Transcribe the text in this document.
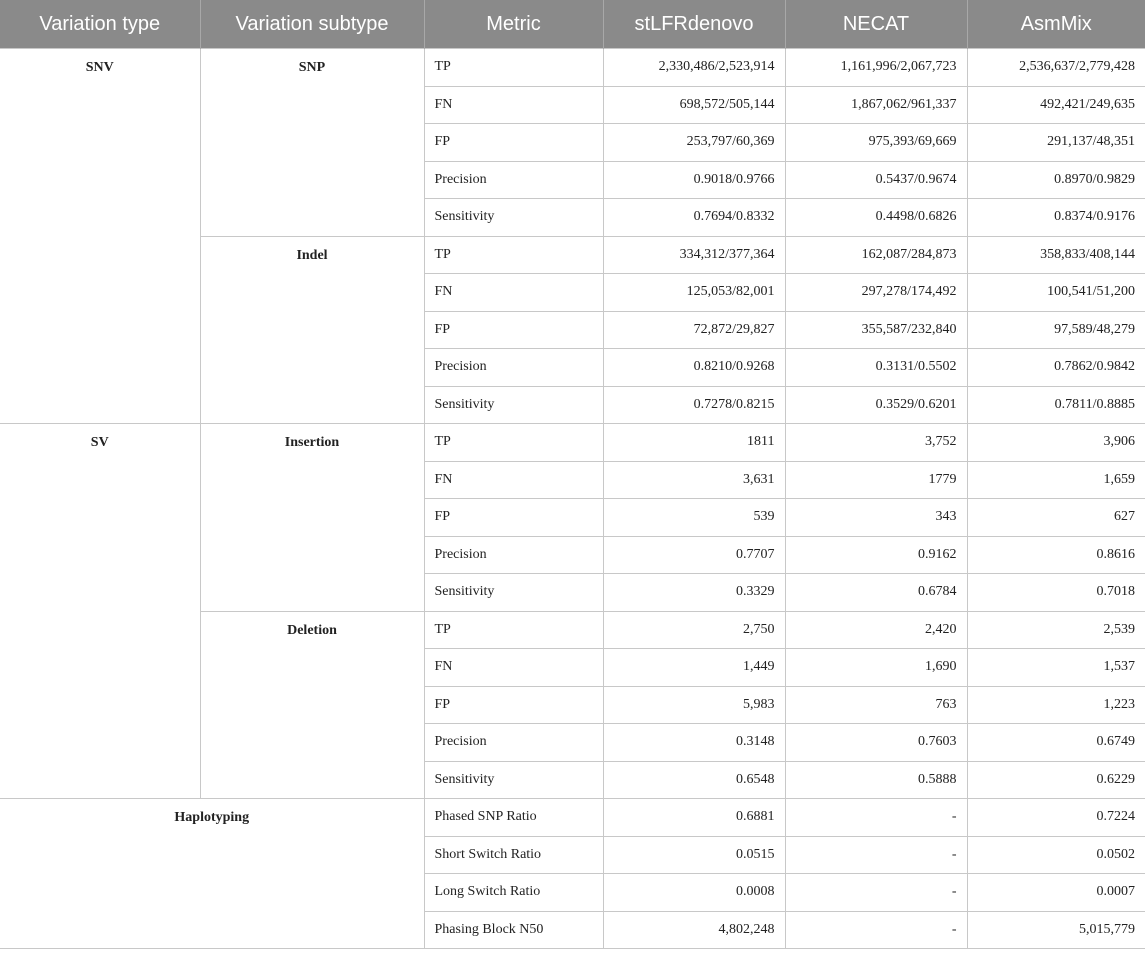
Variation type	Variation subtype	Metric	stLFRdenovo	NECAT	AsmMix
SNV	SNP	TP	2,330,486/2,523,914	1,161,996/2,067,723	2,536,637/2,779,428
		FN	698,572/505,144	1,867,062/961,337	492,421/249,635
		FP	253,797/60,369	975,393/69,669	291,137/48,351
		Precision	0.9018/0.9766	0.5437/0.9674	0.8970/0.9829
		Sensitivity	0.7694/0.8332	0.4498/0.6826	0.8374/0.9176
	Indel	TP	334,312/377,364	162,087/284,873	358,833/408,144
		FN	125,053/82,001	297,278/174,492	100,541/51,200
		FP	72,872/29,827	355,587/232,840	97,589/48,279
		Precision	0.8210/0.9268	0.3131/0.5502	0.7862/0.9842
		Sensitivity	0.7278/0.8215	0.3529/0.6201	0.7811/0.8885
SV	Insertion	TP	1811	3,752	3,906
		FN	3,631	1779	1,659
		FP	539	343	627
		Precision	0.7707	0.9162	0.8616
		Sensitivity	0.3329	0.6784	0.7018
	Deletion	TP	2,750	2,420	2,539
		FN	1,449	1,690	1,537
		FP	5,983	763	1,223
		Precision	0.3148	0.7603	0.6749
		Sensitivity	0.6548	0.5888	0.6229
Haplotyping		Phased SNP Ratio	0.6881	-	0.7224
		Short Switch Ratio	0.0515	-	0.0502
		Long Switch Ratio	0.0008	-	0.0007
		Phasing Block N50	4,802,248	-	5,015,779
